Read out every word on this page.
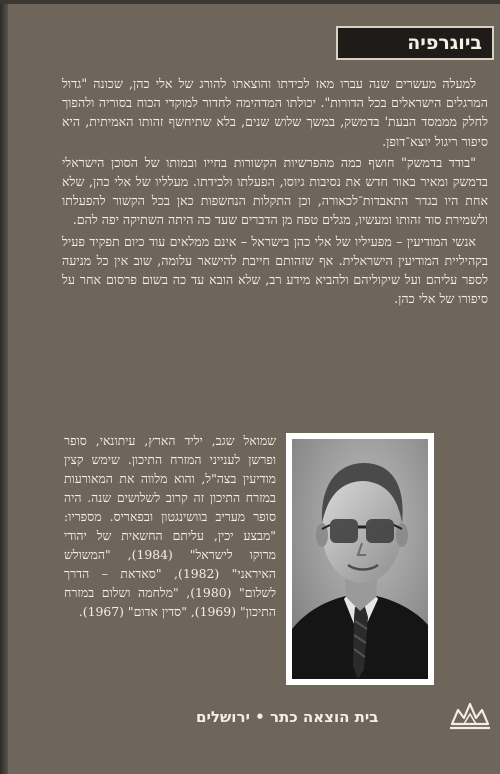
ביוגרפיה

למעלה מעשרים שנה עברו מאז לכידתו והוצאתו להורג של אלי כהן, שכונה "גדול המרגלים הישראלים בכל הדורות". יכולתו המדהימה לחדור למוקדי הכוח בסוריה ולהפוך לחלק מממסד הבעת' בדמשק, במשך שלוש שנים, בלא שתיחשף זהותו האמיתית, היא סיפור ריגול יוצא־דופן.

"בודד בדמשק" חושף כמה מהפרשיות הקשורות בחייו ובמותו של הסוכן הישראלי בדמשק ומאיר באור חדש את נסיבות גיוסו, הפעלתו ולכידתו. מעלליו של אלי כהן, שלא אחת היו בגדר התאבדות־לכאורה, וכן התקלות הנחשפות כאן בכל הקשור להפעלתו ולשמירת סוד זהותו ומעשיו, מגלים טפח מן הדברים שעד כה היתה השתיקה יפה להם.

אנשי המודיעין – מפעיליו של אלי כהן בישראל – אינם ממלאים עוד כיום תפקיד פעיל בקהיליית המודיעין הישראלית. אף שזהותם חייבת להישאר עלומה, שוב אין כל מניעה לספר עליהם ועל שיקוליהם ולהביא מידע רב, שלא הובא עד כה בשום פרסום אחר על סיפורו של אלי כהן.

שמואל שגב, יליד הארץ, עיתונאי, סופר ופרשן לענייני המזרח התיכון. שימש קצין מודיעין בצה"ל, והוא מלווה את המאורעות במזרח התיכון זה קרוב לשלושים שנה. היה סופר מעריב בוושינגטון ובפאריס. מספריו: "מבצע יכין, עליתם החשאית של יהודי מרוקו לישראל" (1984), "המשולש האיראני" (1982), "סאדאת – הדרך לשלום" (1980), "מלחמה ושלום במזרח התיכון" (1969), "סדין אדום" (1967).

בית הוצאה כתר • ירושלים
